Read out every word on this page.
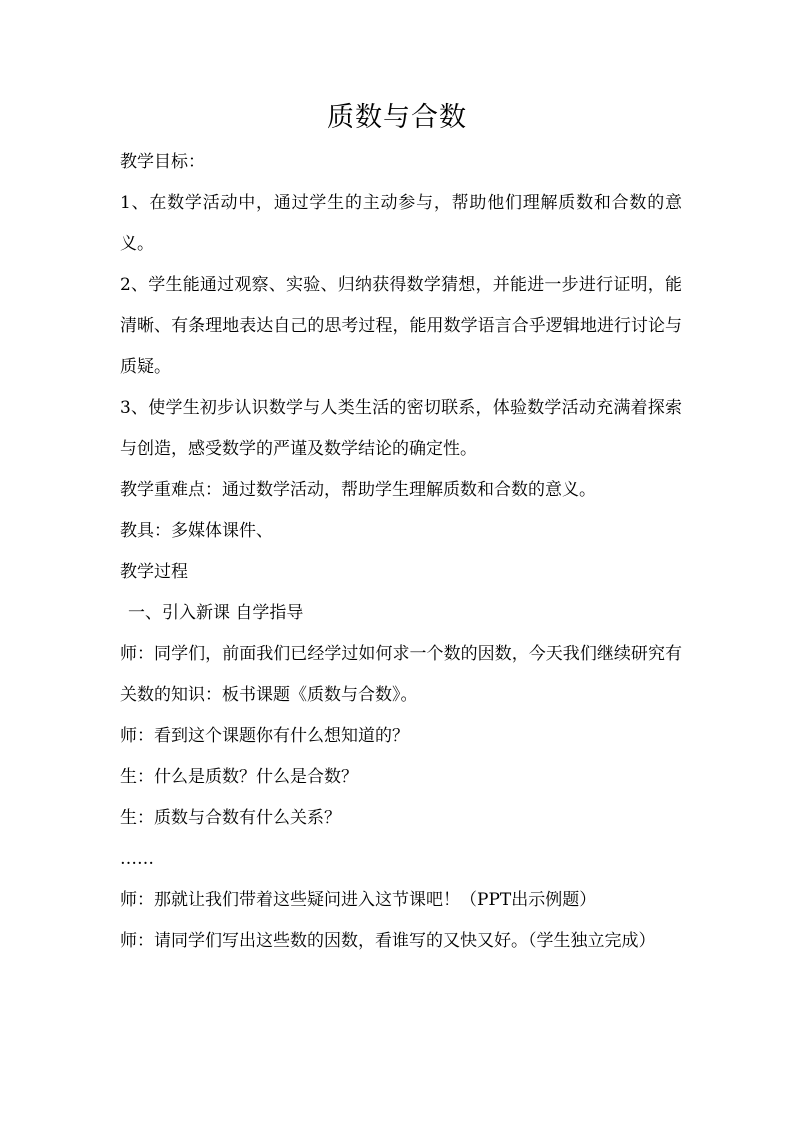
质数与合数

教学目标：

1、在数学活动中，通过学生的主动参与，帮助他们理解质数和合数的意义。

2、学生能通过观察、实验、归纳获得数学猜想，并能进一步进行证明，能清晰、有条理地表达自己的思考过程，能用数学语言合乎逻辑地进行讨论与质疑。

3、使学生初步认识数学与人类生活的密切联系，体验数学活动充满着探索与创造，感受数学的严谨及数学结论的确定性。

教学重难点：通过数学活动，帮助学生理解质数和合数的意义。

教具：多媒体课件、

教学过程

一、引入新课 自学指导

师：同学们，前面我们已经学过如何求一个数的因数，今天我们继续研究有关数的知识：板书课题《质数与合数》。

师：看到这个课题你有什么想知道的？

生：什么是质数？什么是合数？

生：质数与合数有什么关系？

……

师：那就让我们带着这些疑问进入这节课吧！（PPT出示例题）

师：请同学们写出这些数的因数，看谁写的又快又好。（学生独立完成）
